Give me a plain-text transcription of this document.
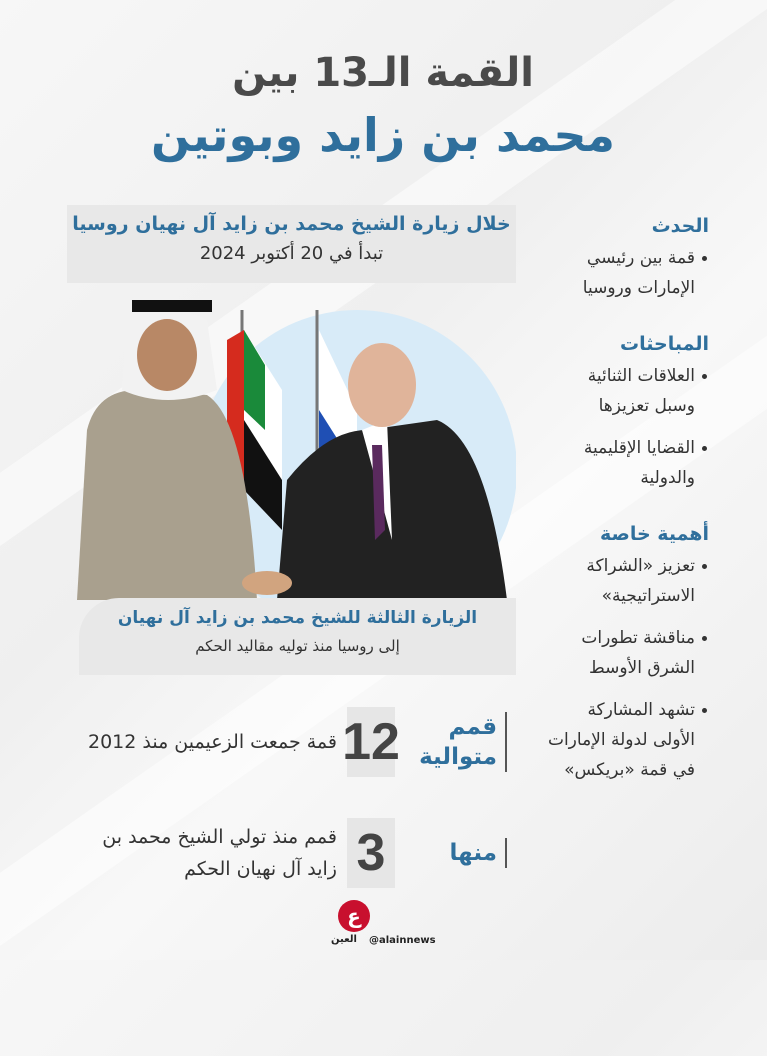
القمة الـ13 بين
محمد بن زايد وبوتين
خلال زيارة الشيخ محمد بن زايد آل نهيان روسيا
تبدأ في 20 أكتوبر 2024
الزيارة الثالثة للشيخ محمد بن زايد آل نهيان
إلى روسيا منذ توليه مقاليد الحكم
الحدث
قمة بين رئيسي الإمارات وروسيا
المباحثات
العلاقات الثنائية وسبل تعزيزها
القضايا الإقليمية والدولية
أهمية خاصة
تعزيز «الشراكة الاستراتيجية»
مناقشة تطورات الشرق الأوسط
تشهد المشاركة الأولى لدولة الإمارات في قمة «بريكس»
قمم متوالية
12
قمة جمعت الزعيمين منذ 2012
منها
3
قمم منذ تولي الشيخ محمد بن زايد آل نهيان الحكم
ع
العين @alainnews
